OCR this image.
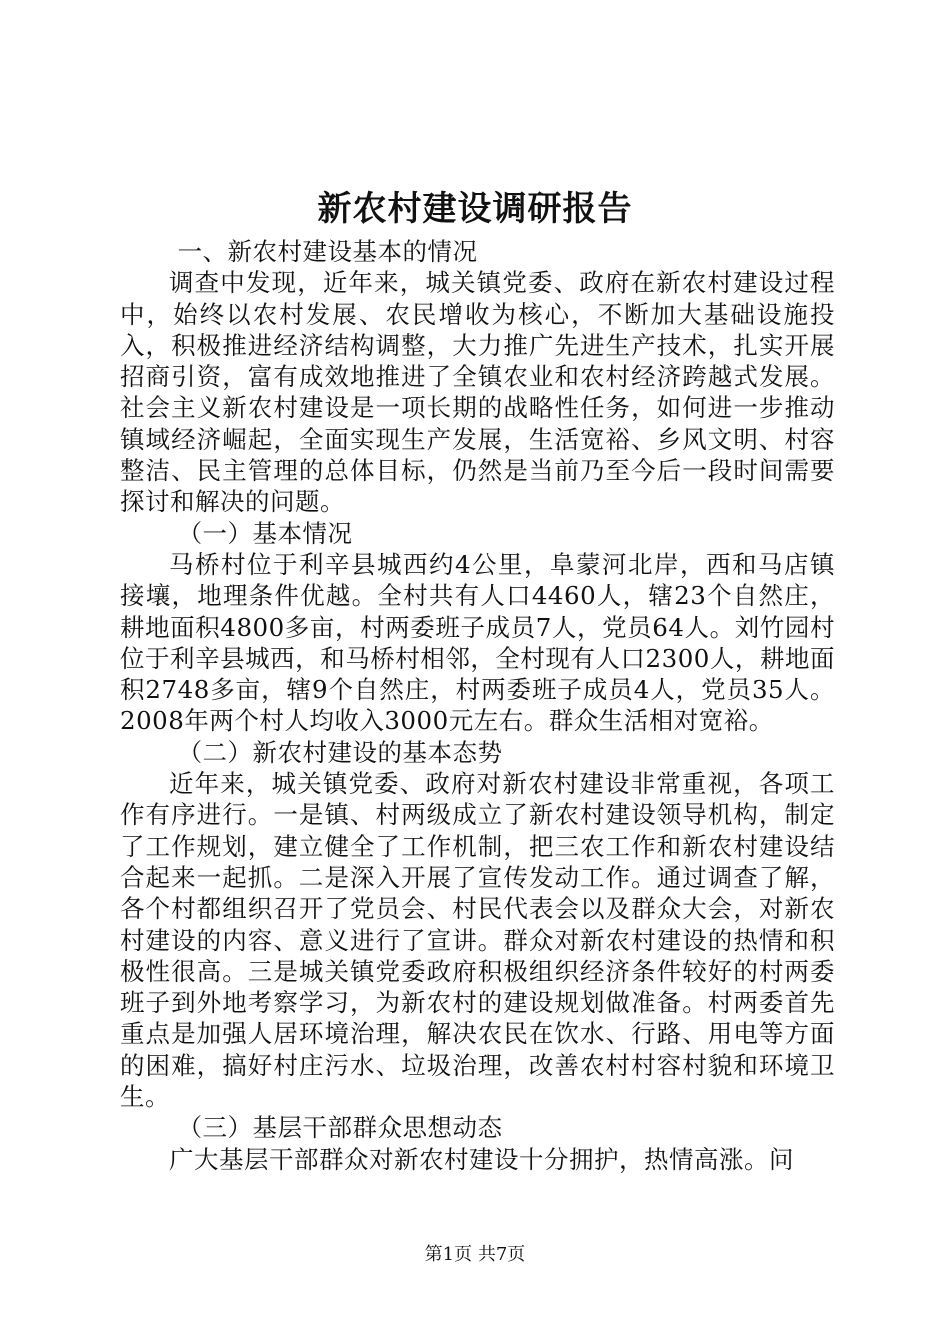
新农村建设调研报告

一、新农村建设基本的情况

调查中发现，近年来，城关镇党委、政府在新农村建设过程中，始终以农村发展、农民增收为核心，不断加大基础设施投入，积极推进经济结构调整，大力推广先进生产技术，扎实开展招商引资，富有成效地推进了全镇农业和农村经济跨越式发展。社会主义新农村建设是一项长期的战略性任务，如何进一步推动镇域经济崛起，全面实现生产发展，生活宽裕、乡风文明、村容整洁、民主管理的总体目标，仍然是当前乃至今后一段时间需要探讨和解决的问题。

（一）基本情况

马桥村位于利辛县城西约4公里，阜蒙河北岸，西和马店镇接壤，地理条件优越。全村共有人口4460人，辖23个自然庄，耕地面积4800多亩，村两委班子成员7人，党员64人。刘竹园村位于利辛县城西，和马桥村相邻，全村现有人口2300人，耕地面积2748多亩，辖9个自然庄，村两委班子成员4人，党员35人。2008年两个村人均收入3000元左右。群众生活相对宽裕。

（二）新农村建设的基本态势

近年来，城关镇党委、政府对新农村建设非常重视，各项工作有序进行。一是镇、村两级成立了新农村建设领导机构，制定了工作规划，建立健全了工作机制，把三农工作和新农村建设结合起来一起抓。二是深入开展了宣传发动工作。通过调查了解，各个村都组织召开了党员会、村民代表会以及群众大会，对新农村建设的内容、意义进行了宣讲。群众对新农村建设的热情和积极性很高。三是城关镇党委政府积极组织经济条件较好的村两委班子到外地考察学习，为新农村的建设规划做准备。村两委首先重点是加强人居环境治理，解决农民在饮水、行路、用电等方面的困难，搞好村庄污水、垃圾治理，改善农村村容村貌和环境卫生。

（三）基层干部群众思想动态

广大基层干部群众对新农村建设十分拥护，热情高涨。问

第1页 共7页
